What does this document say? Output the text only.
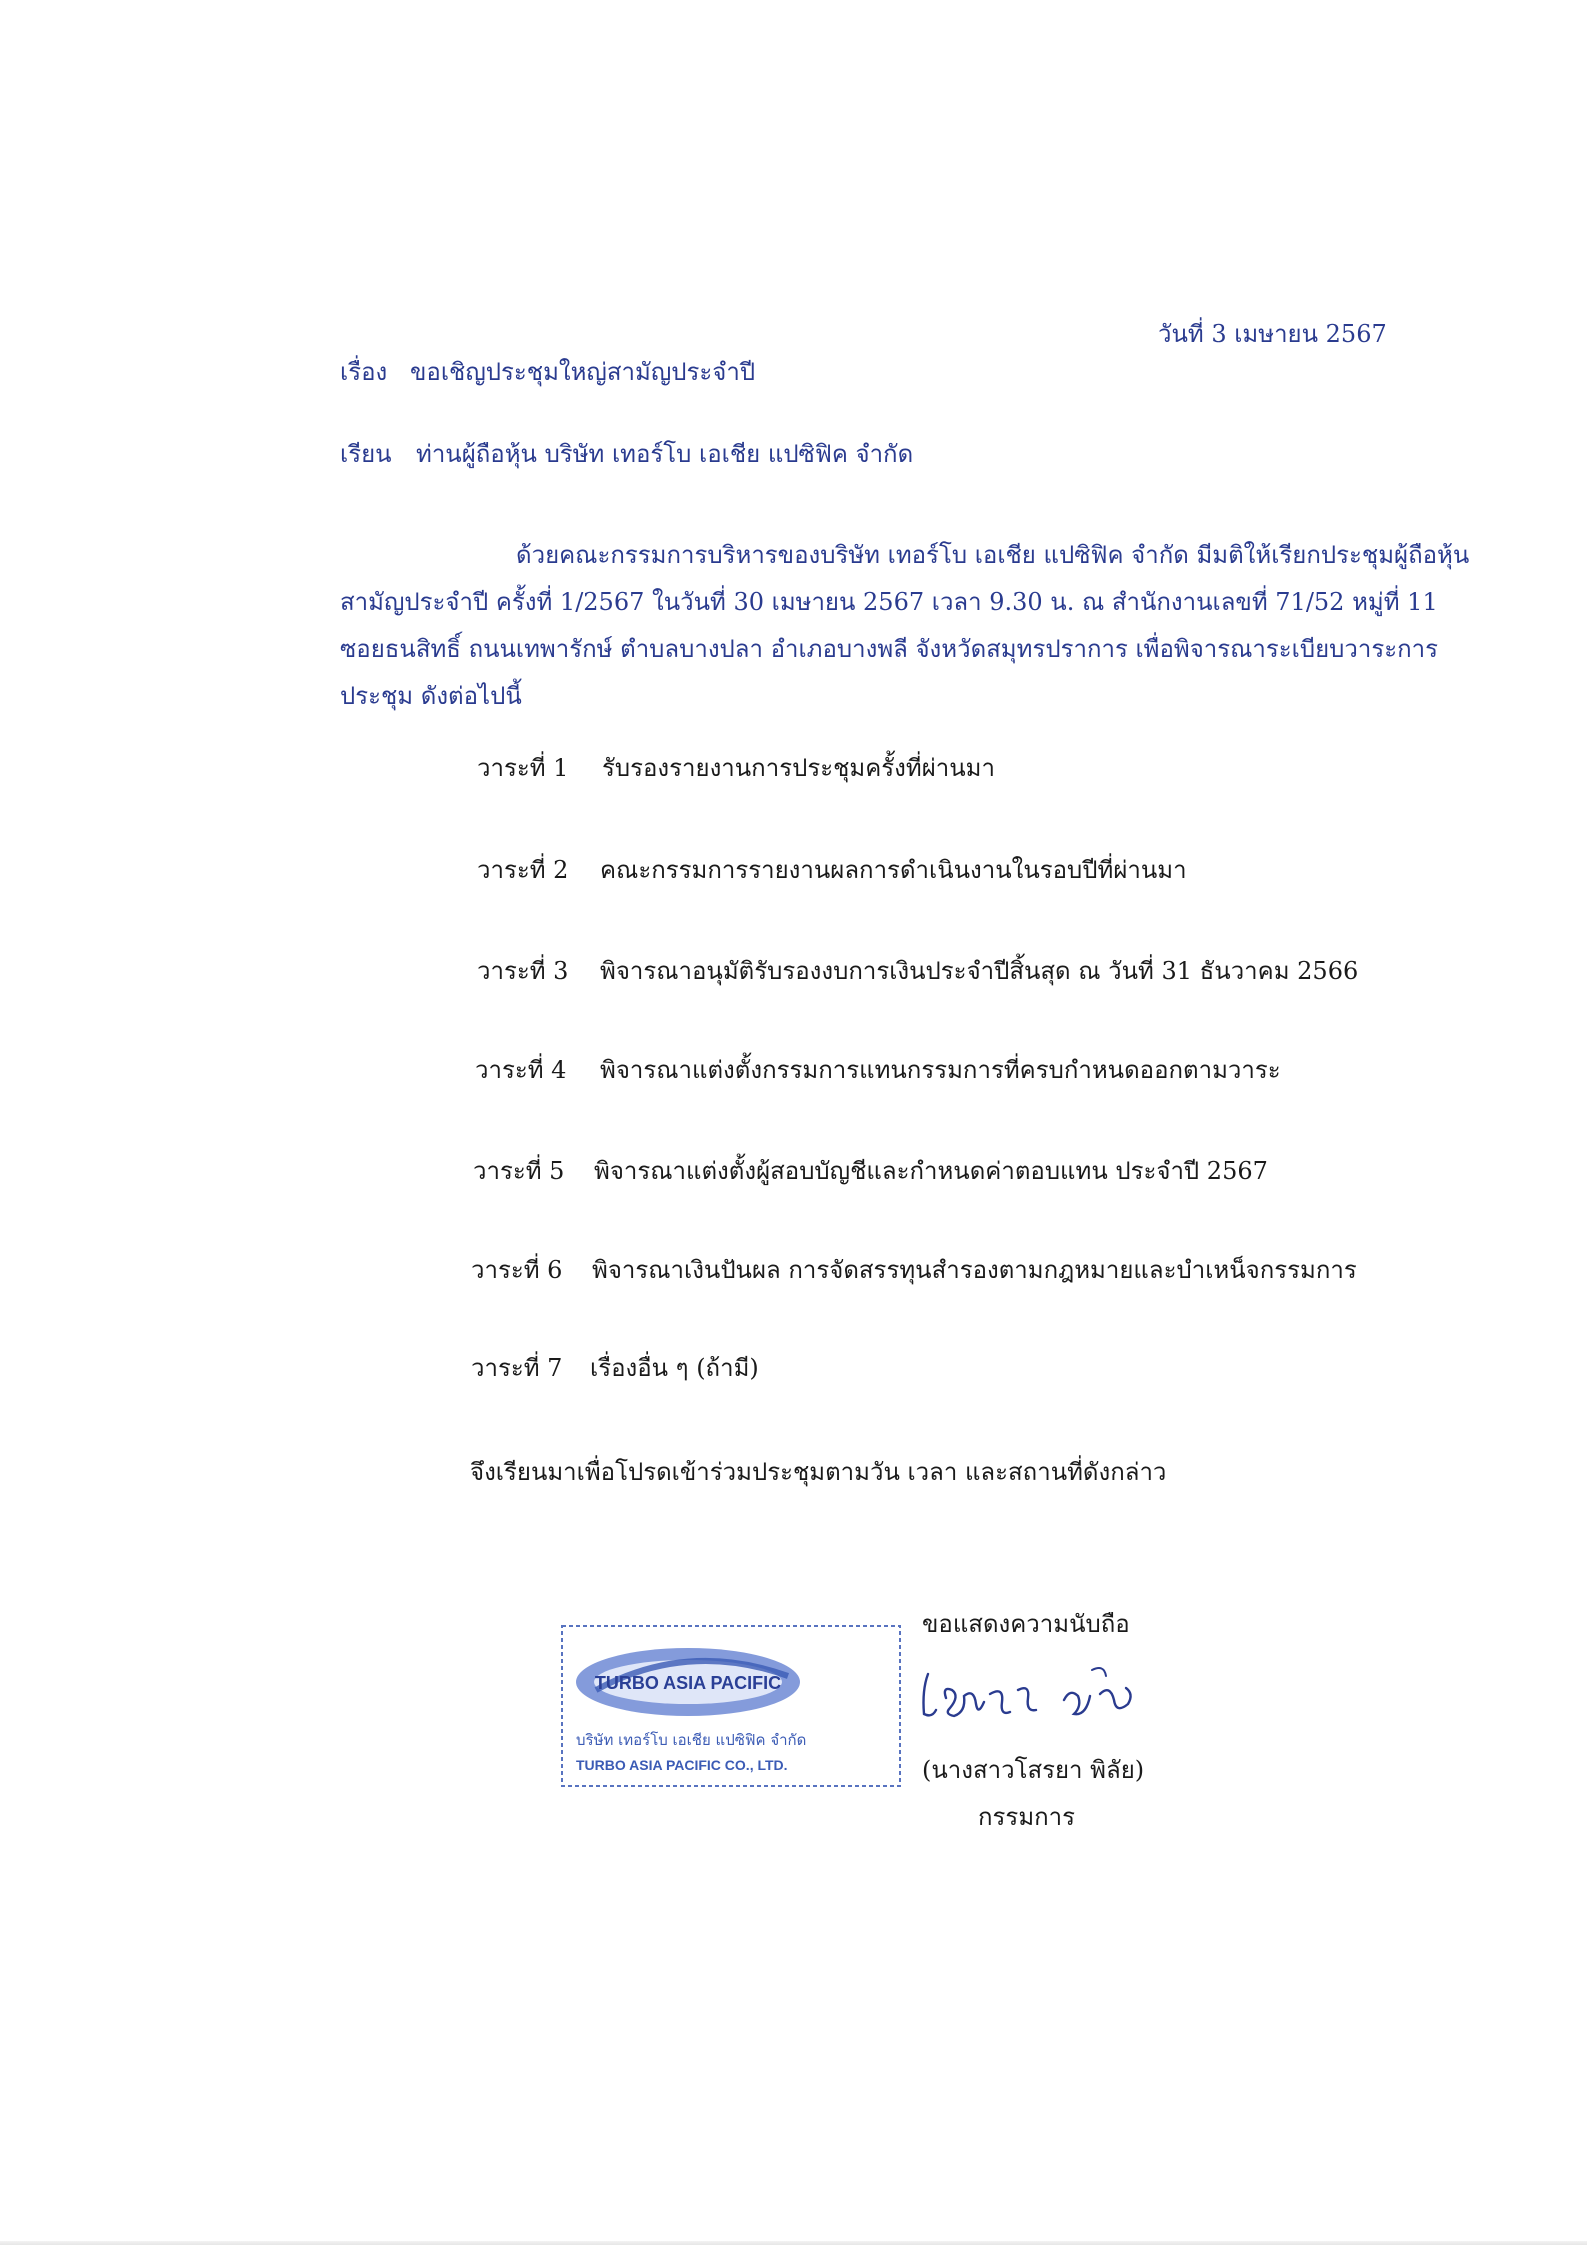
วันที่ 3 เมษายน 2567
เรื่อง ขอเชิญประชุมใหญ่สามัญประจำปี
เรียน ท่านผู้ถือหุ้น บริษัท เทอร์โบ เอเชีย แปซิฟิค จำกัด
ด้วยคณะกรรมการบริหารของบริษัท เทอร์โบ เอเชีย แปซิฟิค จำกัด มีมติให้เรียกประชุมผู้ถือหุ้น
สามัญประจำปี ครั้งที่ 1/2567 ในวันที่ 30 เมษายน 2567 เวลา 9.30 น. ณ สำนักงานเลขที่ 71/52 หมู่ที่ 11
ซอยธนสิทธิ์ ถนนเทพารักษ์ ตำบลบางปลา อำเภอบางพลี จังหวัดสมุทรปราการ เพื่อพิจารณาระเบียบวาระการ
ประชุม ดังต่อไปนี้
วาระที่ 1 รับรองรายงานการประชุมครั้งที่ผ่านมา
วาระที่ 2 คณะกรรมการรายงานผลการดำเนินงานในรอบปีที่ผ่านมา
วาระที่ 3 พิจารณาอนุมัติรับรองงบการเงินประจำปีสิ้นสุด ณ วันที่ 31 ธันวาคม 2566
วาระที่ 4 พิจารณาแต่งตั้งกรรมการแทนกรรมการที่ครบกำหนดออกตามวาระ
วาระที่ 5 พิจารณาแต่งตั้งผู้สอบบัญชีและกำหนดค่าตอบแทน ประจำปี 2567
วาระที่ 6 พิจารณาเงินปันผล การจัดสรรทุนสำรองตามกฎหมายและบำเหน็จกรรมการ
วาระที่ 7 เรื่องอื่น ๆ (ถ้ามี)
จึงเรียนมาเพื่อโปรดเข้าร่วมประชุมตามวัน เวลา และสถานที่ดังกล่าว
ขอแสดงความนับถือ
TURBO ASIA PACIFIC
บริษัท เทอร์โบ เอเชีย แปซิฟิค จำกัด
TURBO ASIA PACIFIC CO., LTD.	(นางสาวโสรยา พิลัย)
กรรมการ
